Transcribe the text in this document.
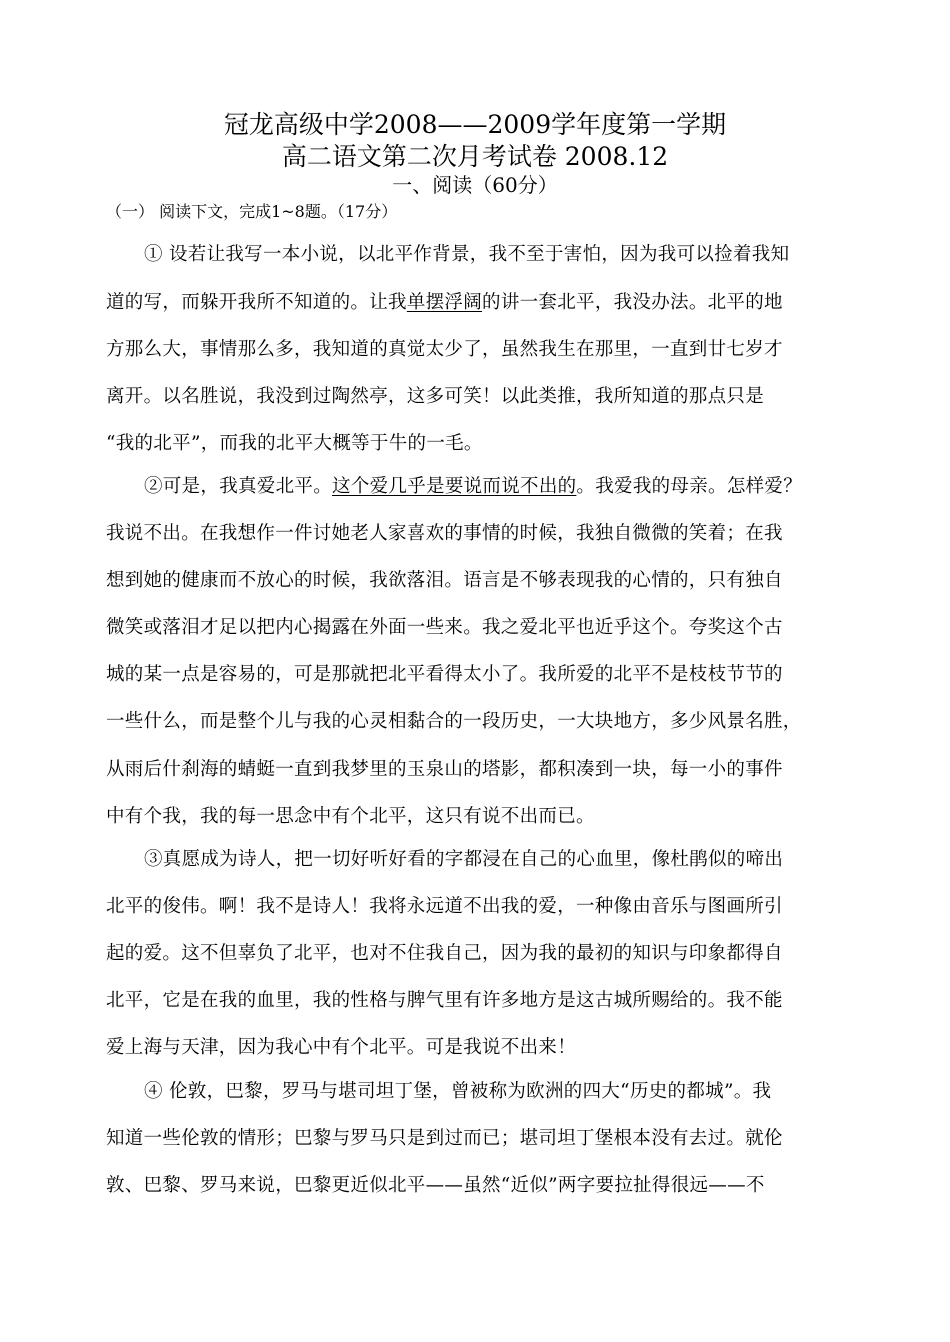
冠龙高级中学2008——2009学年度第一学期
高二语文第二次月考试卷 2008.12
一、阅读（60分）
（一） 阅读下文，完成1~8题。（17分）
① 设若让我写一本小说，以北平作背景，我不至于害怕，因为我可以捡着我知
道的写，而躲开我所不知道的。让我单摆浮阔的讲一套北平，我没办法。北平的地
方那么大，事情那么多，我知道的真觉太少了，虽然我生在那里，一直到廿七岁才
离开。以名胜说，我没到过陶然亭，这多可笑！以此类推，我所知道的那点只是
“我的北平”，而我的北平大概等于牛的一毛。
②可是，我真爱北平。这个爱几乎是要说而说不出的。我爱我的母亲。怎样爱？
我说不出。在我想作一件讨她老人家喜欢的事情的时候，我独自微微的笑着；在我
想到她的健康而不放心的时候，我欲落泪。语言是不够表现我的心情的，只有独自
微笑或落泪才足以把内心揭露在外面一些来。我之爱北平也近乎这个。夸奖这个古
城的某一点是容易的，可是那就把北平看得太小了。我所爱的北平不是枝枝节节的
一些什么，而是整个儿与我的心灵相黏合的一段历史，一大块地方，多少风景名胜，
从雨后什刹海的蜻蜓一直到我梦里的玉泉山的塔影，都积凑到一块，每一小的事件
中有个我，我的每一思念中有个北平，这只有说不出而已。
③真愿成为诗人，把一切好听好看的字都浸在自己的心血里，像杜鹃似的啼出
北平的俊伟。啊！我不是诗人！我将永远道不出我的爱，一种像由音乐与图画所引
起的爱。这不但辜负了北平，也对不住我自己，因为我的最初的知识与印象都得自
北平，它是在我的血里，我的性格与脾气里有许多地方是这古城所赐给的。我不能
爱上海与天津，因为我心中有个北平。可是我说不出来！
④ 伦敦，巴黎，罗马与堪司坦丁堡，曾被称为欧洲的四大“历史的都城”。我
知道一些伦敦的情形；巴黎与罗马只是到过而已；堪司坦丁堡根本没有去过。就伦
敦、巴黎、罗马来说，巴黎更近似北平——虽然“近似”两字要拉扯得很远——不
